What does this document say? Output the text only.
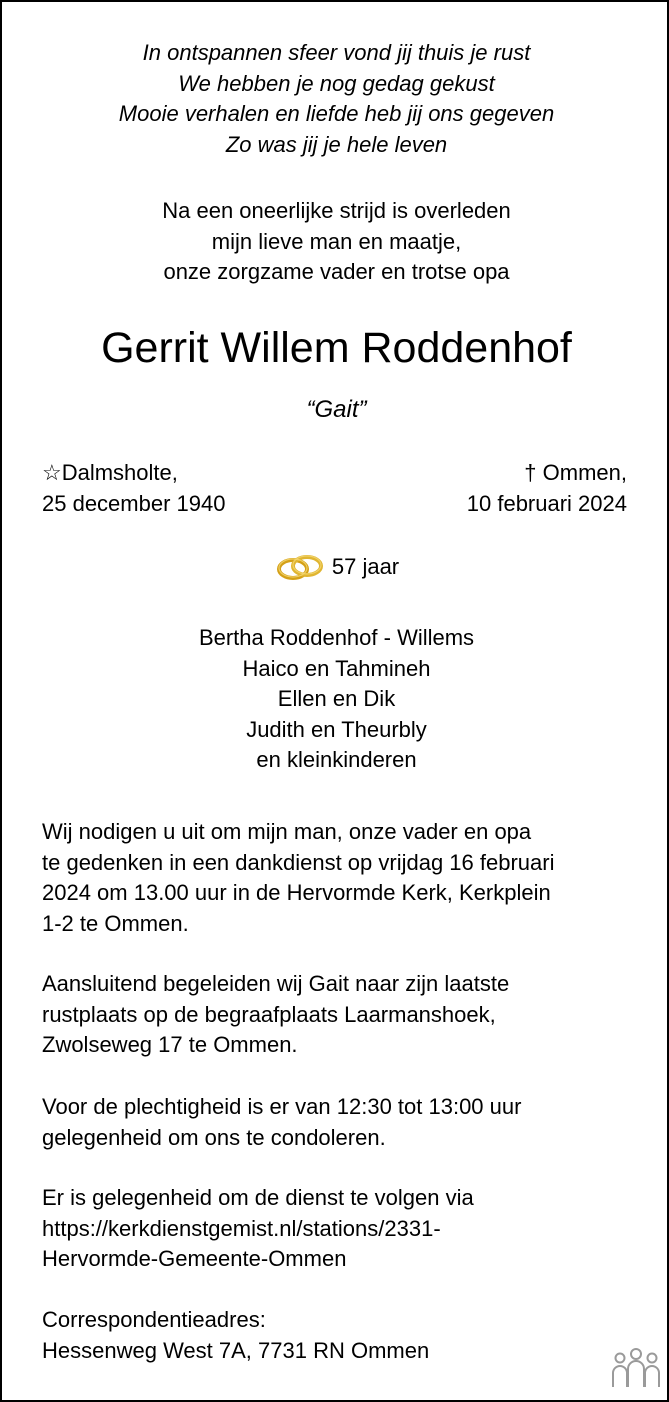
In ontspannen sfeer vond jij thuis je rust
We hebben je nog gedag gekust
Mooie verhalen en liefde heb jij ons gegeven
Zo was jij je hele leven
Na een oneerlijke strijd is overleden
mijn lieve man en maatje,
onze zorgzame vader en trotse opa
Gerrit Willem Roddenhof
“Gait”
☆Dalmsholte,
25 december 1940
† Ommen,
10 februari 2024
57 jaar
Bertha Roddenhof - Willems
Haico en Tahmineh
Ellen en Dik
Judith en Theurbly
en kleinkinderen
Wij nodigen u uit om mijn man, onze vader en opa
te gedenken in een dankdienst op vrijdag 16 februari
2024 om 13.00 uur in de Hervormde Kerk, Kerkplein
1-2 te Ommen.
Aansluitend begeleiden wij Gait naar zijn laatste
rustplaats op de begraafplaats Laarmanshoek,
Zwolseweg 17 te Ommen.
Voor de plechtigheid is er van 12:30 tot 13:00 uur
gelegenheid om ons te condoleren.
Er is gelegenheid om de dienst te volgen via
https://kerkdienstgemist.nl/stations/2331-
Hervormde-Gemeente-Ommen
Correspondentieadres:
Hessenweg West 7A, 7731 RN Ommen
